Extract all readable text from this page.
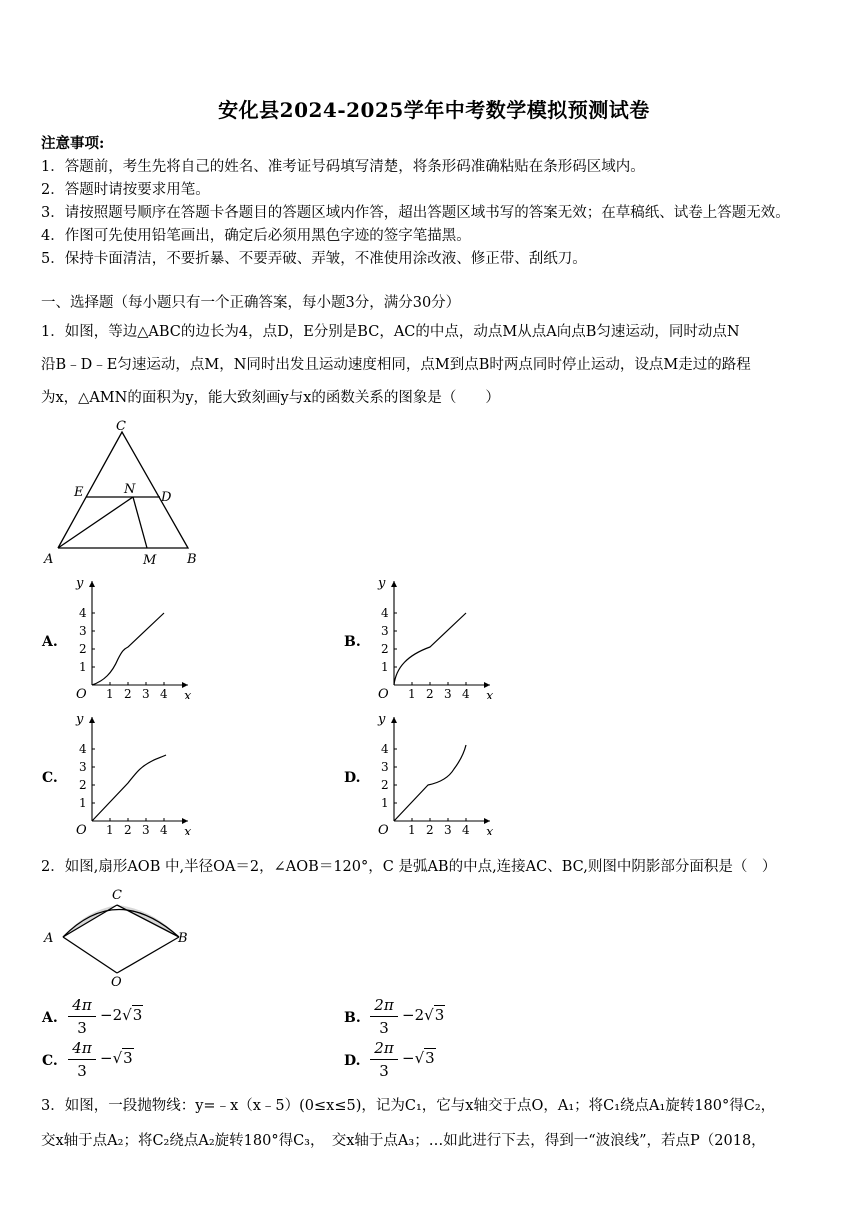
安化县2024-2025学年中考数学模拟预测试卷
注意事项:
1．答题前，考生先将自己的姓名、准考证号码填写清楚，将条形码准确粘贴在条形码区域内。
2．答题时请按要求用笔。
3．请按照题号顺序在答题卡各题目的答题区域内作答，超出答题区域书写的答案无效；在草稿纸、试卷上答题无效。
4．作图可先使用铅笔画出，确定后必须用黑色字迹的签字笔描黑。
5．保持卡面清洁，不要折暴、不要弄破、弄皱，不准使用涂改液、修正带、刮纸刀。
一、选择题（每小题只有一个正确答案，每小题3分，满分30分）
1．如图，等边△ABC的边长为4，点D，E分别是BC，AC的中点，动点M从点A向点B匀速运动，同时动点N
沿B﹣D﹣E匀速运动，点M，N同时出发且运动速度相同，点M到点B时两点同时停止运动，设点M走过的路程
为x，△AMN的面积为y，能大致刻画y与x的函数关系的图象是（　　）
C
E	N
D
A	M B
A.	B.
C.	D.
1
1
2
2
3
3
4
4
O	x
y
1
1
2
2
3
3
4
4
O	x
y
1
1
2
2
3
3
4
4
O	x
y
1
1
2
2
3
3
4
4
O	x
y
2．如图,扇形AOB 中,半径OA＝2，∠AOB＝120°，C 是弧AB的中点,连接AC、BC,则图中阴影部分面积是（　）
C
A	B
O
A.
4π
3
−2√3	B.
2π
3
−2√3
C.
4π
3
−√3	D.
2π
3
−√3
3．如图，一段抛物线：y=﹣x（x﹣5）(0≤x≤5)，记为C₁，它与x轴交于点O，A₁；将C₁绕点A₁旋转180°得C₂，
交x轴于点A₂；将C₂绕点A₂旋转180°得C₃，　交x轴于点A₃；…如此进行下去，得到一“波浪线”，若点P（2018，
